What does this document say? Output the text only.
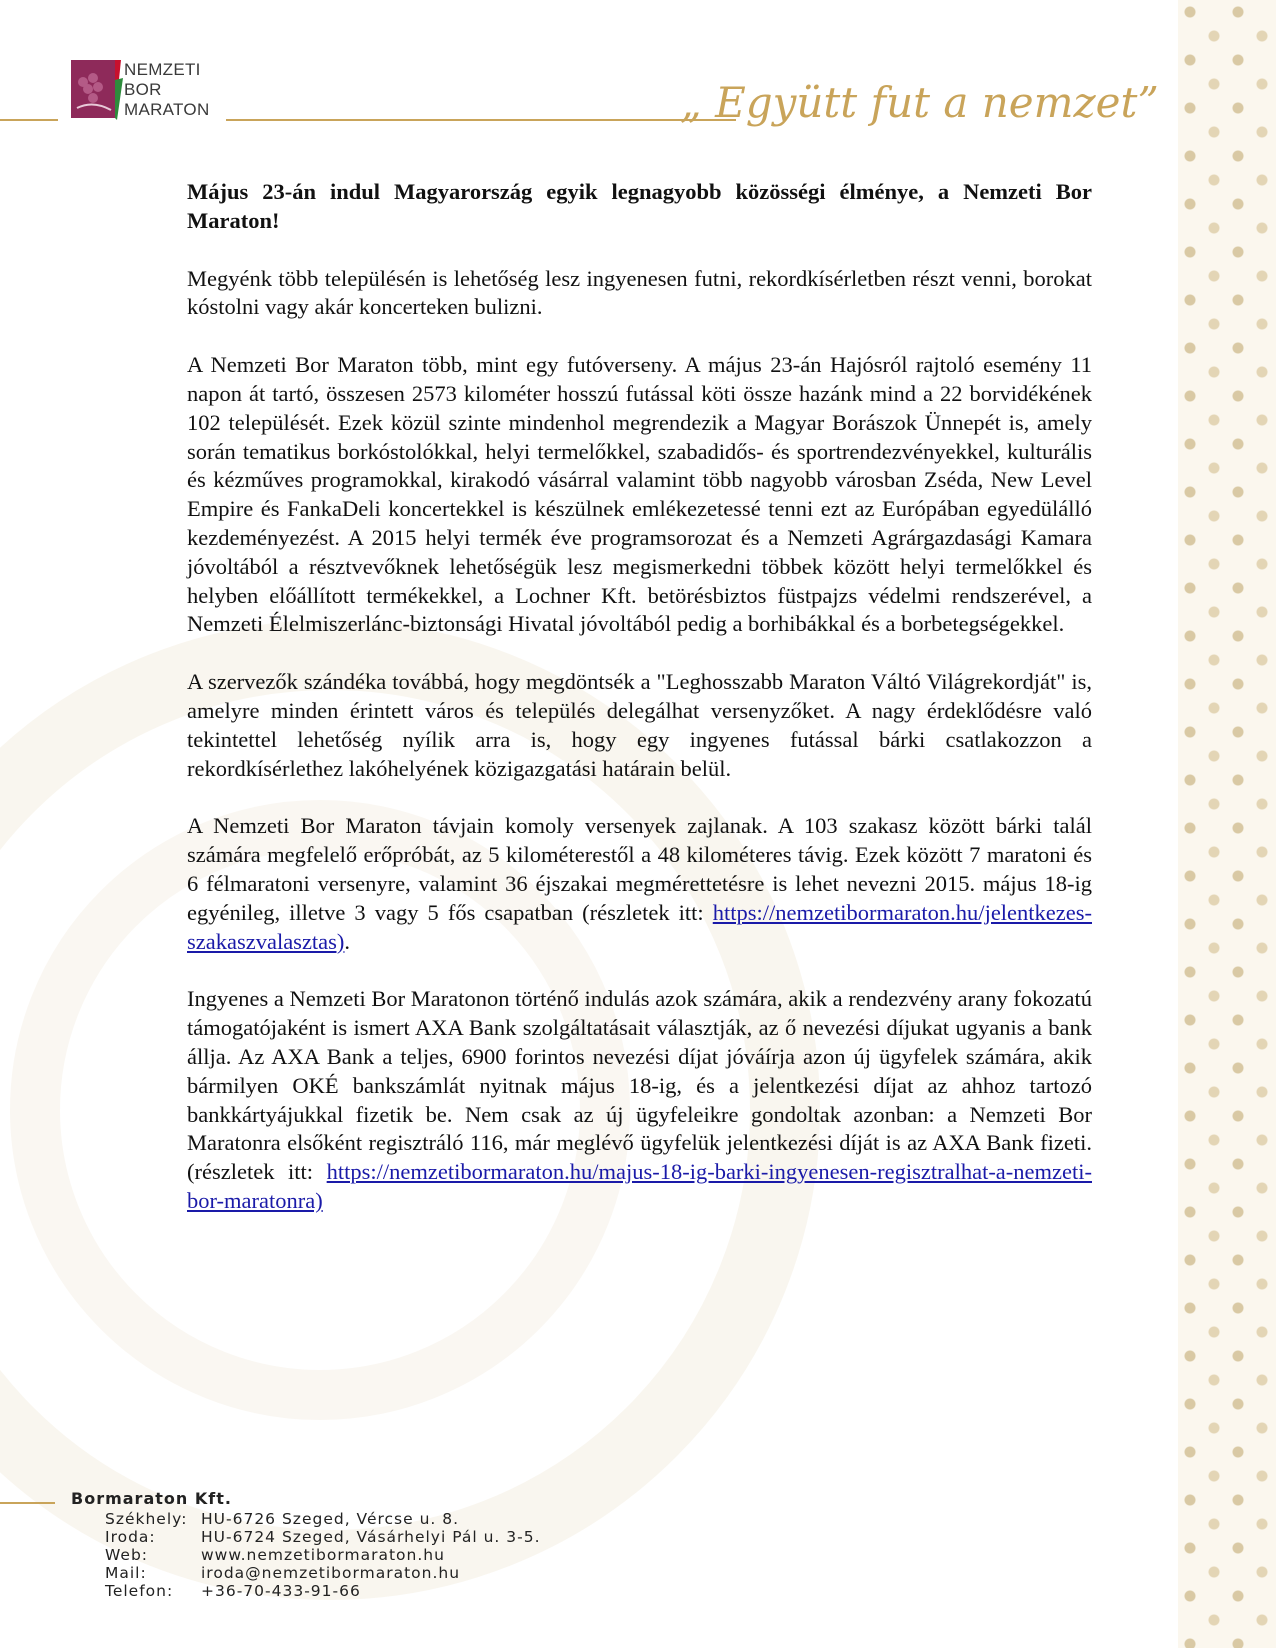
NEMZETI
BOR
MARATON	„ Együtt fut a nemzet”

Május 23-án indul Magyarország egyik legnagyobb közösségi élménye, a Nemzeti Bor Maraton!

Megyénk több településén is lehetőség lesz ingyenesen futni, rekordkísérletben részt venni, borokat kóstolni vagy akár koncerteken bulizni.

A Nemzeti Bor Maraton több, mint egy futóverseny. A május 23-án Hajósról rajtoló esemény 11 napon át tartó, összesen 2573 kilométer hosszú futással köti össze hazánk mind a 22 borvidékének 102 települését. Ezek közül szinte mindenhol megrendezik a Magyar Borászok Ünnepét is, amely során tematikus borkóstolókkal, helyi termelőkkel, szabadidős- és sportrendezvényekkel, kulturális és kézműves programokkal, kirakodó vásárral valamint több nagyobb városban Zséda, New Level Empire és FankaDeli koncertekkel is készülnek emlékezetessé tenni ezt az Európában egyedülálló kezdeményezést. A 2015 helyi termék éve programsorozat és a Nemzeti Agrárgazdasági Kamara jóvoltából a résztvevőknek lehetőségük lesz megismerkedni többek között helyi termelőkkel és helyben előállított termékekkel, a Lochner Kft. betörésbiztos füstpajzs védelmi rendszerével, a Nemzeti Élelmiszerlánc-biztonsági Hivatal jóvoltából pedig a borhibákkal és a borbetegségekkel.

A szervezők szándéka továbbá, hogy megdöntsék a "Leghosszabb Maraton Váltó Világrekordját" is, amelyre minden érintett város és település delegálhat versenyzőket. A nagy érdeklődésre való tekintettel lehetőség nyílik arra is, hogy egy ingyenes futással bárki csatlakozzon a rekordkísérlethez lakóhelyének közigazgatási határain belül.

A Nemzeti Bor Maraton távjain komoly versenyek zajlanak. A 103 szakasz között bárki talál számára megfelelő erőpróbát, az 5 kilométerestől a 48 kilométeres távig. Ezek között 7 maratoni és 6 félmaratoni versenyre, valamint 36 éjszakai megmérettetésre is lehet nevezni 2015. május 18-ig egyénileg, illetve 3 vagy 5 fős csapatban (részletek itt: https://nemzetibormaraton.hu/jelentkezes-szakaszvalasztas).

Ingyenes a Nemzeti Bor Maratonon történő indulás azok számára, akik a rendezvény arany fokozatú támogatójaként is ismert AXA Bank szolgáltatásait választják, az ő nevezési díjukat ugyanis a bank állja. Az AXA Bank a teljes, 6900 forintos nevezési díjat jóváírja azon új ügyfelek számára, akik bármilyen OKÉ bankszámlát nyitnak május 18-ig, és a jelentkezési díjat az ahhoz tartozó bankkártyájukkal fizetik be. Nem csak az új ügyfeleikre gondoltak azonban: a Nemzeti Bor Maratonra elsőként regisztráló 116, már meglévő ügyfelük jelentkezési díját is az AXA Bank fizeti. (részletek itt: https://nemzetibormaraton.hu/majus-18-ig-barki-ingyenesen-regisztralhat-a-nemzeti-bor-maratonra)

Bormaraton Kft.
Székhely:	HU-6726 Szeged, Vércse u. 8.
Iroda:	HU-6724 Szeged, Vásárhelyi Pál u. 3-5.
Web:	www.nemzetibormaraton.hu
Mail:	iroda@nemzetibormaraton.hu
Telefon:	+36-70-433-91-66
